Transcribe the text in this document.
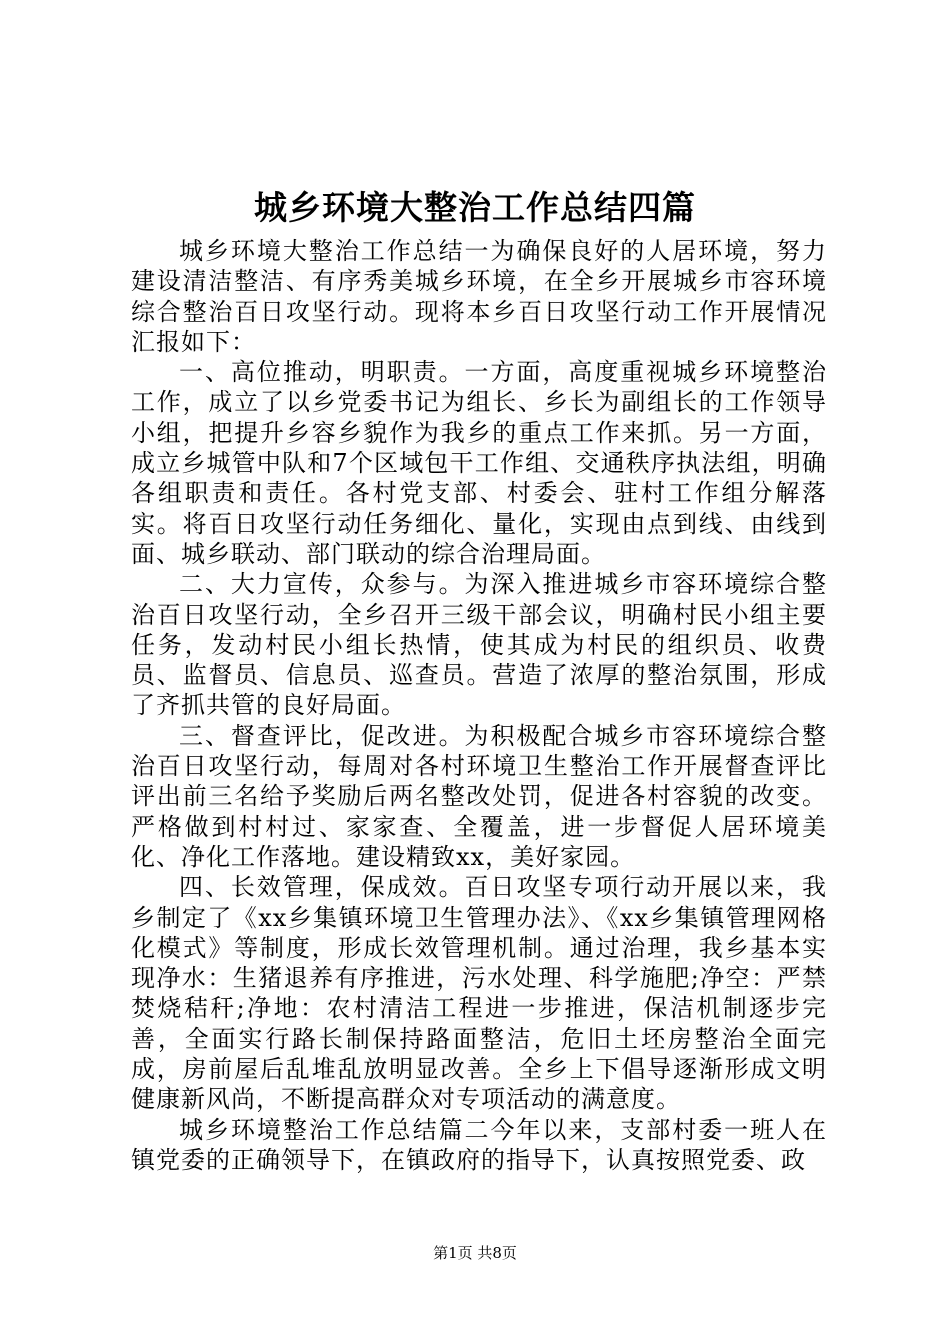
城乡环境大整治工作总结四篇

城乡环境大整治工作总结一为确保良好的人居环境，努力建设清洁整洁、有序秀美城乡环境，在全乡开展城乡市容环境综合整治百日攻坚行动。现将本乡百日攻坚行动工作开展情况汇报如下：

一、高位推动，明职责。一方面，高度重视城乡环境整治工作，成立了以乡党委书记为组长、乡长为副组长的工作领导小组，把提升乡容乡貌作为我乡的重点工作来抓。另一方面，成立乡城管中队和7个区域包干工作组、交通秩序执法组，明确各组职责和责任。各村党支部、村委会、驻村工作组分解落实。将百日攻坚行动任务细化、量化，实现由点到线、由线到面、城乡联动、部门联动的综合治理局面。

二、大力宣传，众参与。为深入推进城乡市容环境综合整治百日攻坚行动，全乡召开三级干部会议，明确村民小组主要任务，发动村民小组长热情，使其成为村民的组织员、收费员、监督员、信息员、巡查员。营造了浓厚的整治氛围，形成了齐抓共管的良好局面。

三、督查评比，促改进。为积极配合城乡市容环境综合整治百日攻坚行动，每周对各村环境卫生整治工作开展督查评比评出前三名给予奖励后两名整改处罚，促进各村容貌的改变。严格做到村村过、家家查、全覆盖，进一步督促人居环境美化、净化工作落地。建设精致xx，美好家园。

四、长效管理，保成效。百日攻坚专项行动开展以来，我乡制定了《xx乡集镇环境卫生管理办法》、《xx乡集镇管理网格化模式》等制度，形成长效管理机制。通过治理，我乡基本实现净水：生猪退养有序推进，污水处理、科学施肥;净空：严禁焚烧秸秆;净地：农村清洁工程进一步推进，保洁机制逐步完善，全面实行路长制保持路面整洁，危旧土坯房整治全面完成，房前屋后乱堆乱放明显改善。全乡上下倡导逐渐形成文明健康新风尚，不断提高群众对专项活动的满意度。

城乡环境整治工作总结篇二今年以来，支部村委一班人在镇党委的正确领导下，在镇政府的指导下，认真按照党委、政

第1页 共8页
